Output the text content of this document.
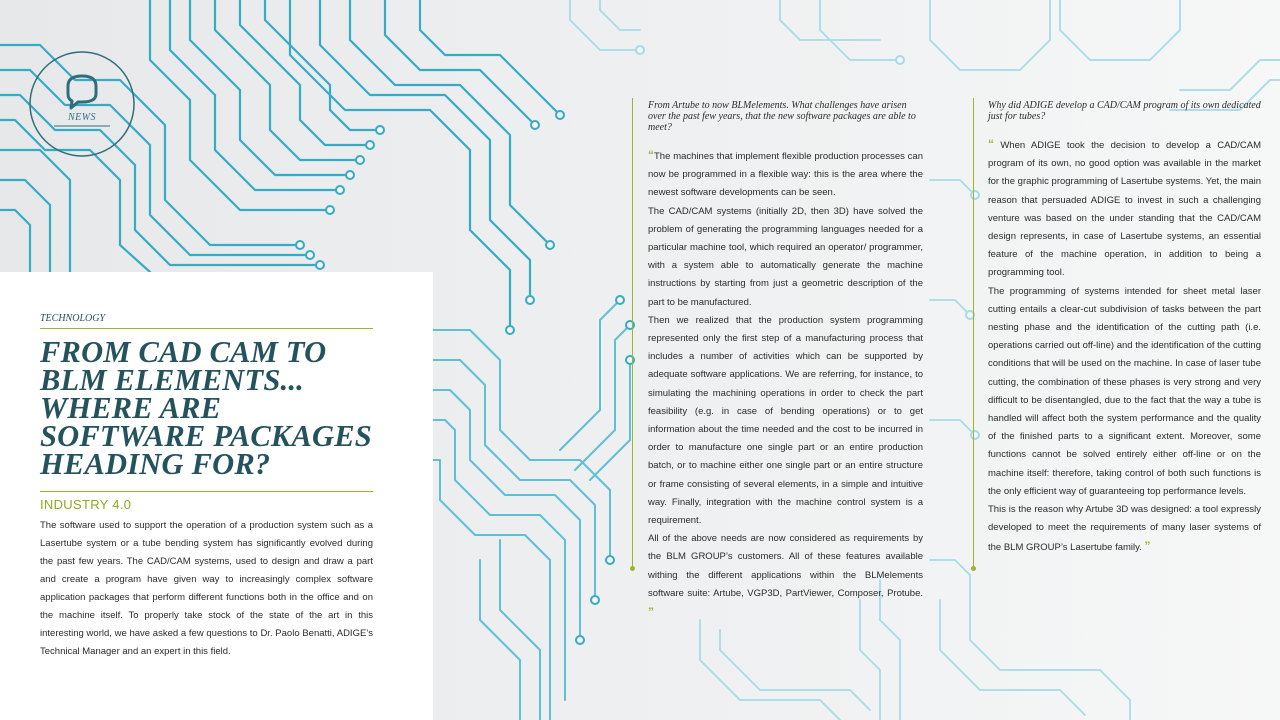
NEWS
TECHNOLOGY
FROM CAD CAM TO
BLM ELEMENTS...
WHERE ARE
SOFTWARE PACKAGES
HEADING FOR?
INDUSTRY 4.0

The software used to support the operation of a production system such as a Lasertube system or a tube bending system has significantly evolved during the past few years. The CAD/CAM systems, used to design and draw a part and create a program have given way to increasingly complex software application packages that perform different functions both in the office and on the machine itself. To properly take stock of the state of the art in this interesting world, we have asked a few questions to Dr. Paolo Benatti, ADIGE’s Technical Manager and an expert in this field.

From Artube to now BLMelements. What challenges have arisen over the past few years, that the new software packages are able to meet?

“The machines that implement flexible production processes can now be programmed in a flexible way: this is the area where the newest software developments can be seen.

The CAD/CAM systems (initially 2D, then 3D) have solved the problem of generating the programming languages needed for a particular machine tool, which required an operator/ programmer, with a system able to automatically generate the machine instructions by starting from just a geometric description of the part to be manufactured.

Then we realized that the production system programming represented only the first step of a manufacturing process that includes a number of activities which can be supported by adequate software applications. We are referring, for instance, to simulating the machining operations in order to check the part feasibility (e.g. in case of bending operations) or to get information about the time needed and the cost to be incurred in order to manufacture one single part or an entire production batch, or to machine either one single part or an entire structure or frame consisting of several elements, in a simple and intuitive way. Finally, integration with the machine control system is a requirement.

All of the above needs are now considered as requirements by the BLM GROUP’s customers. All of these features available withing the different applications within the BLMelements software suite: Artube, VGP3D, PartViewer, Composer, Protube. ”

Why did ADIGE develop a CAD/CAM program of its own dedicated just for tubes?

“ When ADIGE took the decision to develop a CAD/CAM program of its own, no good option was available in the market for the graphic programming of Lasertube systems. Yet, the main reason that persuaded ADIGE to invest in such a challenging venture was based on the under standing that the CAD/CAM design represents, in case of Lasertube systems, an essential feature of the machine operation, in addition to being a programming tool.

The programming of systems intended for sheet metal laser cutting entails a clear-cut subdivision of tasks between the part nesting phase and the identification of the cutting path (i.e. operations carried out off-line) and the identification of the cutting conditions that will be used on the machine. In case of laser tube cutting, the combination of these phases is very strong and very difficult to be disentangled, due to the fact that the way a tube is handled will affect both the system performance and the quality of the finished parts to a significant extent. Moreover, some functions cannot be solved entirely either off-line or on the machine itself: therefore, taking control of both such functions is the only efficient way of guaranteeing top performance levels.

This is the reason why Artube 3D was designed: a tool expressly developed to meet the requirements of many laser systems of the BLM GROUP’s Lasertube family. ”
